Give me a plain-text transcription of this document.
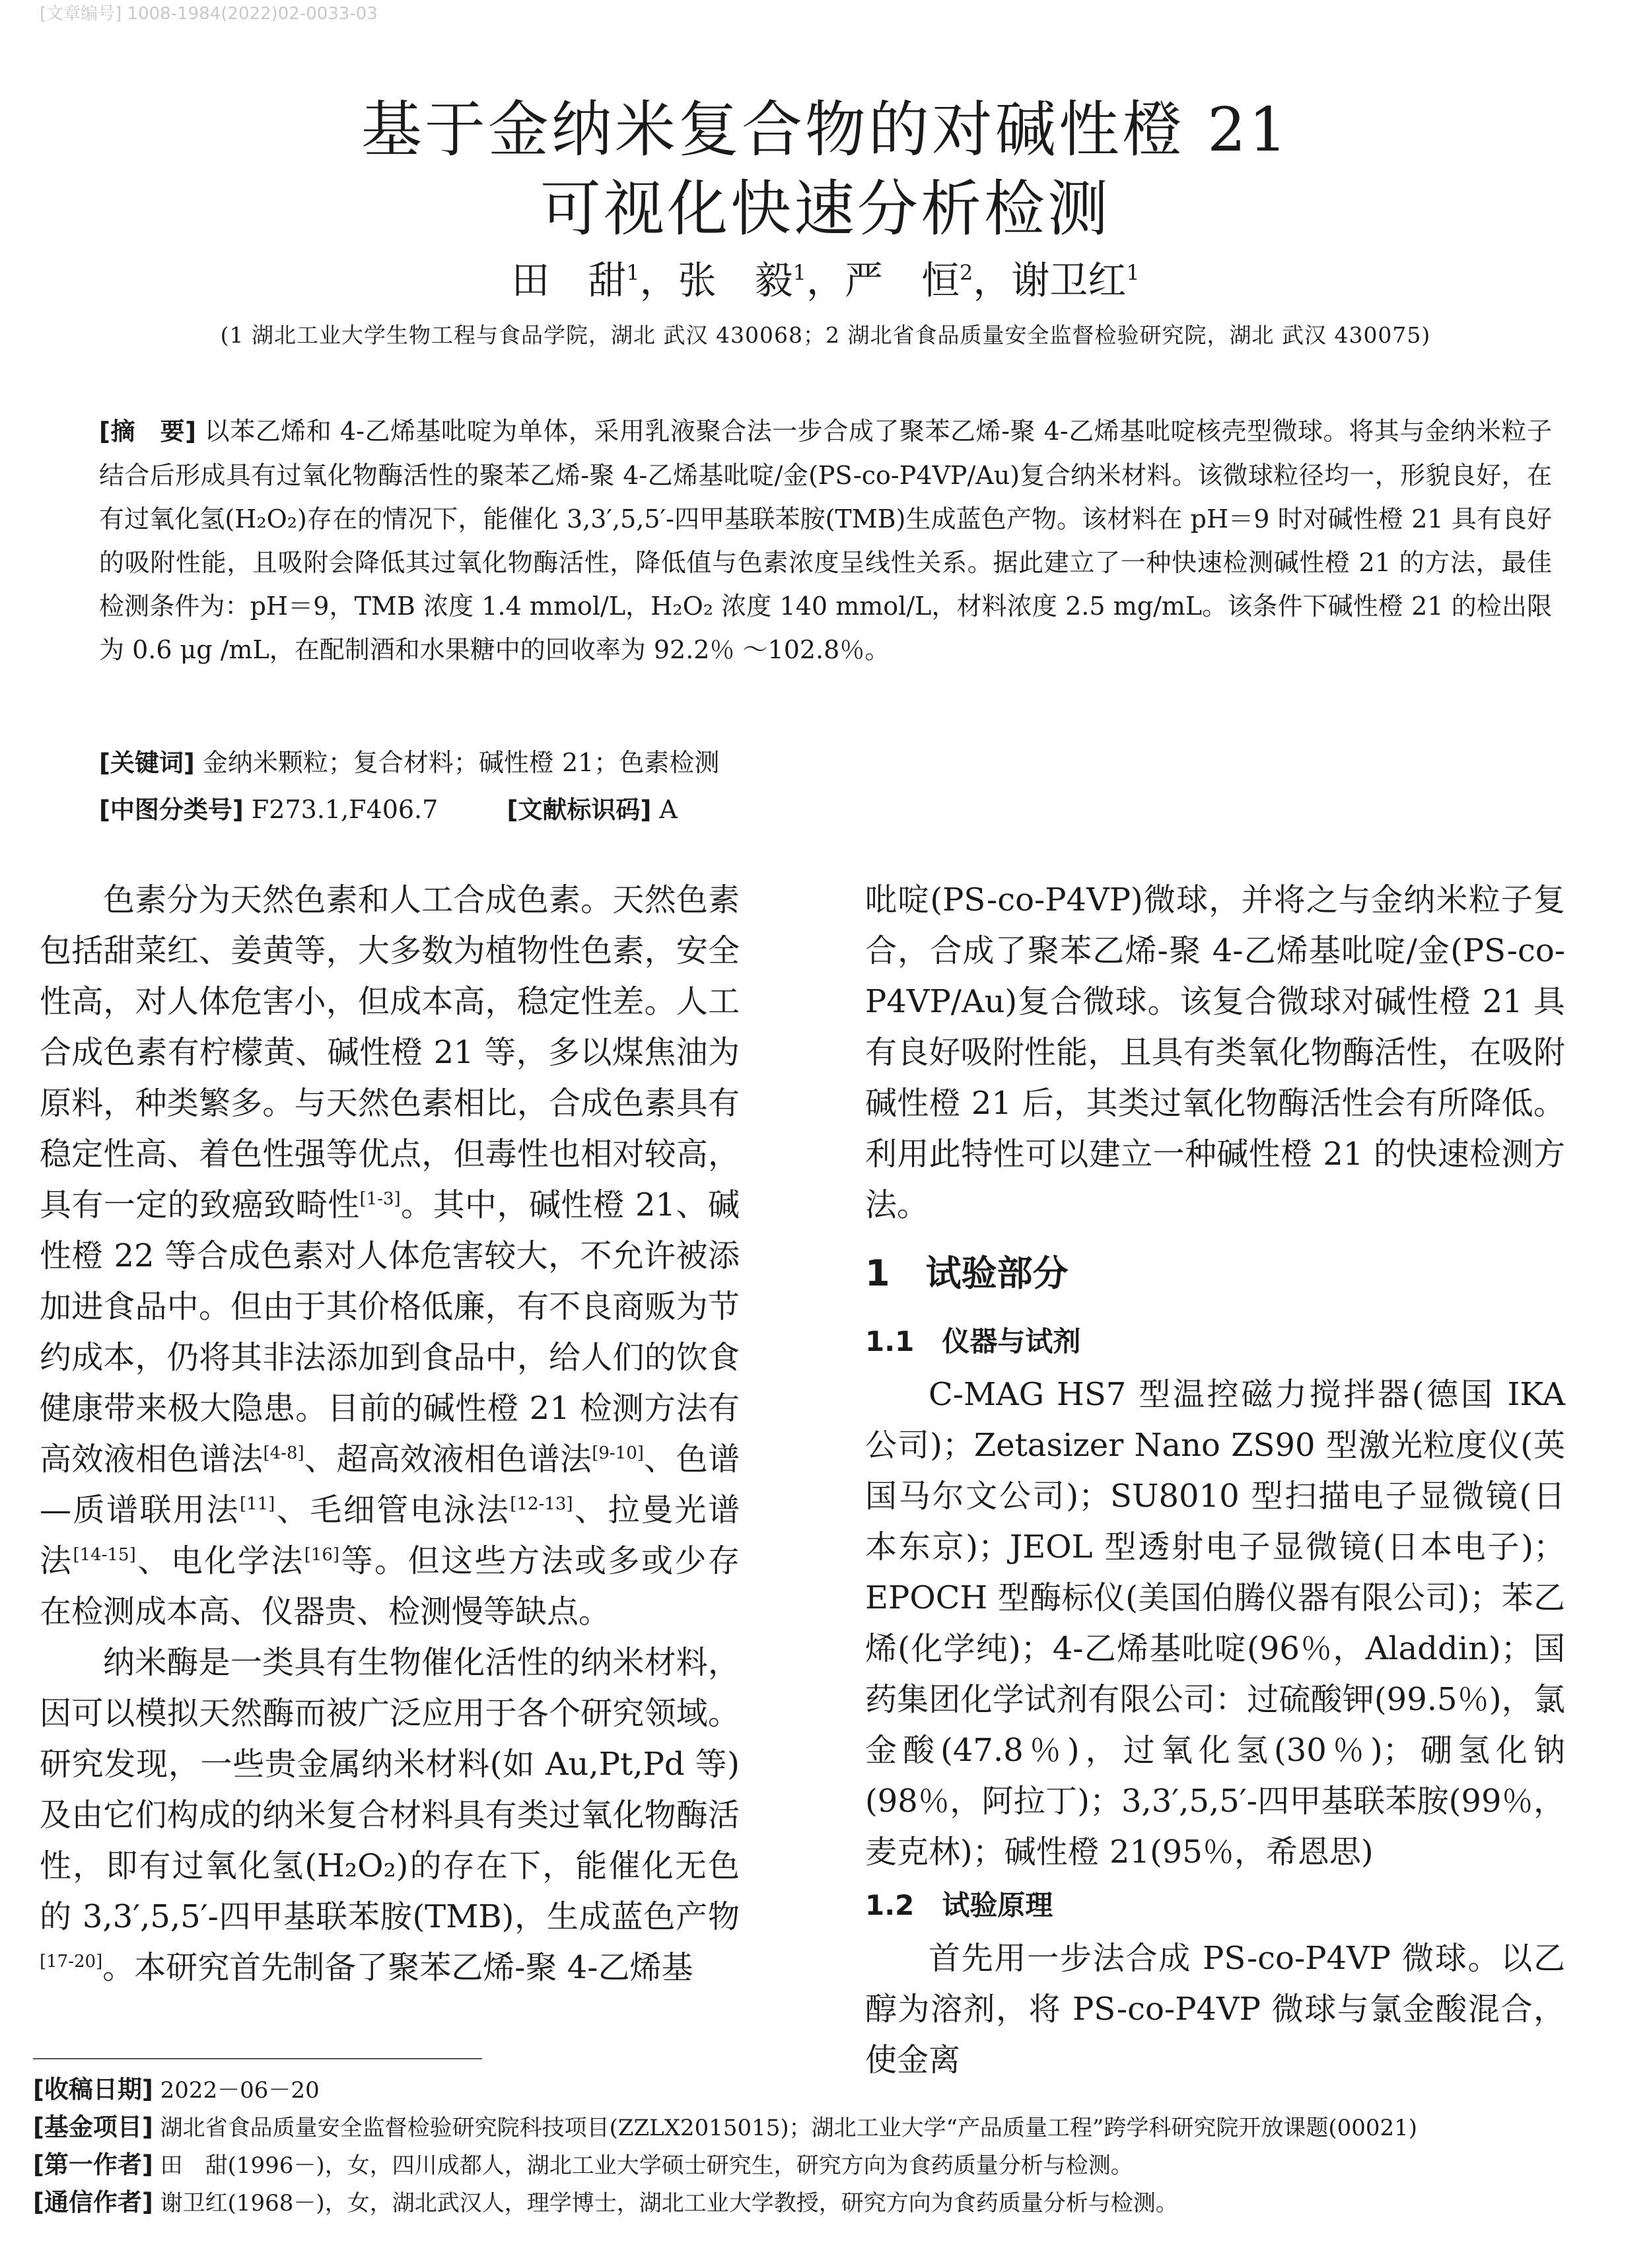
[文章编号] 1008-1984(2022)02-0033-03
基于金纳米复合物的对碱性橙 21
可视化快速分析检测
田　甜$^1$，张　毅$^1$，严　恒$^2$，谢卫红$^1$
(1 湖北工业大学生物工程与食品学院，湖北 武汉 430068；2 湖北省食品质量安全监督检验研究院，湖北 武汉 430075)
[摘　要] 以苯乙烯和 4-乙烯基吡啶为单体，采用乳液聚合法一步合成了聚苯乙烯-聚 4-乙烯基吡啶核壳型微球。将其与金纳米粒子结合后形成具有过氧化物酶活性的聚苯乙烯-聚 4-乙烯基吡啶/金(PS-co-P4VP/Au)复合纳米材料。该微球粒径均一，形貌良好，在有过氧化氢(H₂O₂)存在的情况下，能催化 3,3′,5,5′-四甲基联苯胺(TMB)生成蓝色产物。该材料在 pH＝9 时对碱性橙 21 具有良好的吸附性能，且吸附会降低其过氧化物酶活性，降低值与色素浓度呈线性关系。据此建立了一种快速检测碱性橙 21 的方法，最佳检测条件为：pH＝9，TMB 浓度 1.4 mmol/L，H₂O₂ 浓度 140 mmol/L，材料浓度 2.5 mg/mL。该条件下碱性橙 21 的检出限为 0.6 μg /mL，在配制酒和水果糖中的回收率为 92.2％ ～102.8％。
[关键词] 金纳米颗粒；复合材料；碱性橙 21；色素检测
[中图分类号] F273.1,F406.7	[文献标识码] A

色素分为天然色素和人工合成色素。天然色素包括甜菜红、姜黄等，大多数为植物性色素，安全性高，对人体危害小，但成本高，稳定性差。人工合成色素有柠檬黄、碱性橙 21 等，多以煤焦油为原料，种类繁多。与天然色素相比，合成色素具有稳定性高、着色性强等优点，但毒性也相对较高，具有一定的致癌致畸性[1-3]。其中，碱性橙 21、碱性橙 22 等合成色素对人体危害较大，不允许被添加进食品中。但由于其价格低廉，有不良商贩为节约成本，仍将其非法添加到食品中，给人们的饮食健康带来极大隐患。目前的碱性橙 21 检测方法有高效液相色谱法[4-8]、超高效液相色谱法[9-10]、色谱—质谱联用法[11]、毛细管电泳法[12-13]、拉曼光谱法[14-15]、电化学法[16]等。但这些方法或多或少存在检测成本高、仪器贵、检测慢等缺点。

纳米酶是一类具有生物催化活性的纳米材料，因可以模拟天然酶而被广泛应用于各个研究领域。研究发现，一些贵金属纳米材料(如 Au,Pt,Pd 等)及由它们构成的纳米复合材料具有类过氧化物酶活性，即有过氧化氢(H₂O₂)的存在下，能催化无色的 3,3′,5,5′-四甲基联苯胺(TMB)，生成蓝色产物[17-20]。本研究首先制备了聚苯乙烯-聚 4-乙烯基

吡啶(PS-co-P4VP)微球，并将之与金纳米粒子复合，合成了聚苯乙烯-聚 4-乙烯基吡啶/金(PS-co-P4VP/Au)复合微球。该复合微球对碱性橙 21 具有良好吸附性能，且具有类氧化物酶活性，在吸附碱性橙 21 后，其类过氧化物酶活性会有所降低。利用此特性可以建立一种碱性橙 21 的快速检测方法。

1　试验部分
1.1　仪器与试剂

C-MAG HS7 型温控磁力搅拌器(德国 IKA 公司)；Zetasizer Nano ZS90 型激光粒度仪(英国马尔文公司)；SU8010 型扫描电子显微镜(日本东京)；JEOL 型透射电子显微镜(日本电子)；EPOCH 型酶标仪(美国伯腾仪器有限公司)；苯乙烯(化学纯)；4-乙烯基吡啶(96％，Aladdin)；国药集团化学试剂有限公司：过硫酸钾(99.5％)，氯金酸(47.8％)，过氧化氢(30％)；硼氢化钠(98％，阿拉丁)；3,3′,5,5′-四甲基联苯胺(99％，麦克林)；碱性橙 21(95％，希恩思)

1.2　试验原理

首先用一步法合成 PS-co-P4VP 微球。以乙醇为溶剂，将 PS-co-P4VP 微球与氯金酸混合，使金离

[收稿日期] 2022－06－20
[基金项目] 湖北省食品质量安全监督检验研究院科技项目(ZZLX2015015)；湖北工业大学“产品质量工程”跨学科研究院开放课题(00021)
[第一作者] 田　甜(1996－)，女，四川成都人，湖北工业大学硕士研究生，研究方向为食药质量分析与检测。
[通信作者] 谢卫红(1968－)，女，湖北武汉人，理学博士，湖北工业大学教授，研究方向为食药质量分析与检测。
